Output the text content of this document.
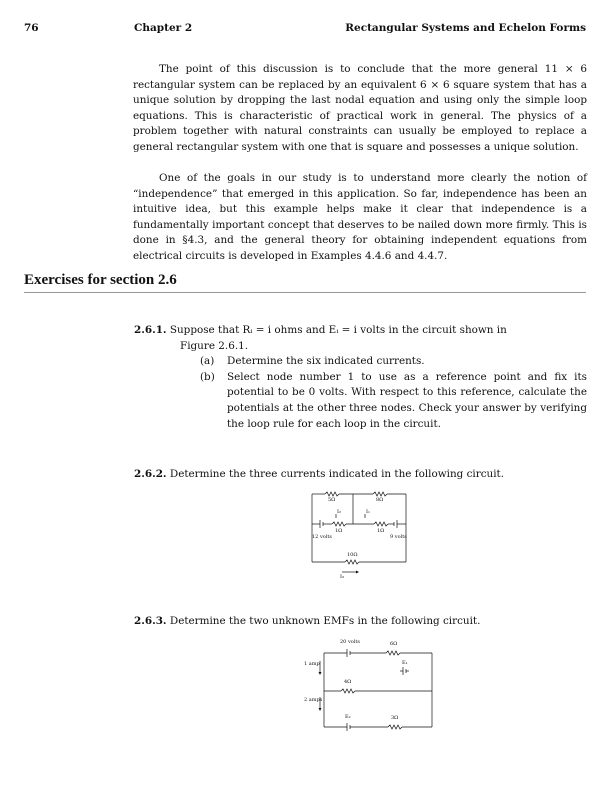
76	Chapter 2	Rectangular Systems and Echelon Forms

The point of this discussion is to conclude that the more general 11 × 6 rectangular system can be replaced by an equivalent 6 × 6 square system that has a unique solution by dropping the last nodal equation and using only the simple loop equations. This is characteristic of practical work in general. The physics of a problem together with natural constraints can usually be employed to replace a general rectangular system with one that is square and possesses a unique solution.

One of the goals in our study is to understand more clearly the notion of “independence” that emerged in this application. So far, independence has been an intuitive idea, but this example helps make it clear that independence is a fundamentally important concept that deserves to be nailed down more firmly. This is done in §4.3, and the general theory for obtaining independent equations from electrical circuits is developed in Examples 4.4.6 and 4.4.7.

Exercises for section 2.6
2.6.1. Suppose that Rᵢ = i ohms and Eᵢ = i volts in the circuit shown in
Figure 2.6.1.
(a) Determine the six indicated currents.
(b) Select node number 1 to use as a reference point and fix its potential to be 0 volts. With respect to this reference, calculate the potentials at the other three nodes. Check your answer by verifying the loop rule for each loop in the circuit.
2.6.2. Determine the three currents indicated in the following circuit.
5Ω	8Ω
I₂	I₁
1Ω	1Ω
12 volts	9 volts
10Ω
I₃
2.6.3. Determine the two unknown EMFs in the following circuit.
20 volts	6Ω
1 amp	E₁
4Ω
2 amps
E₂	3Ω
